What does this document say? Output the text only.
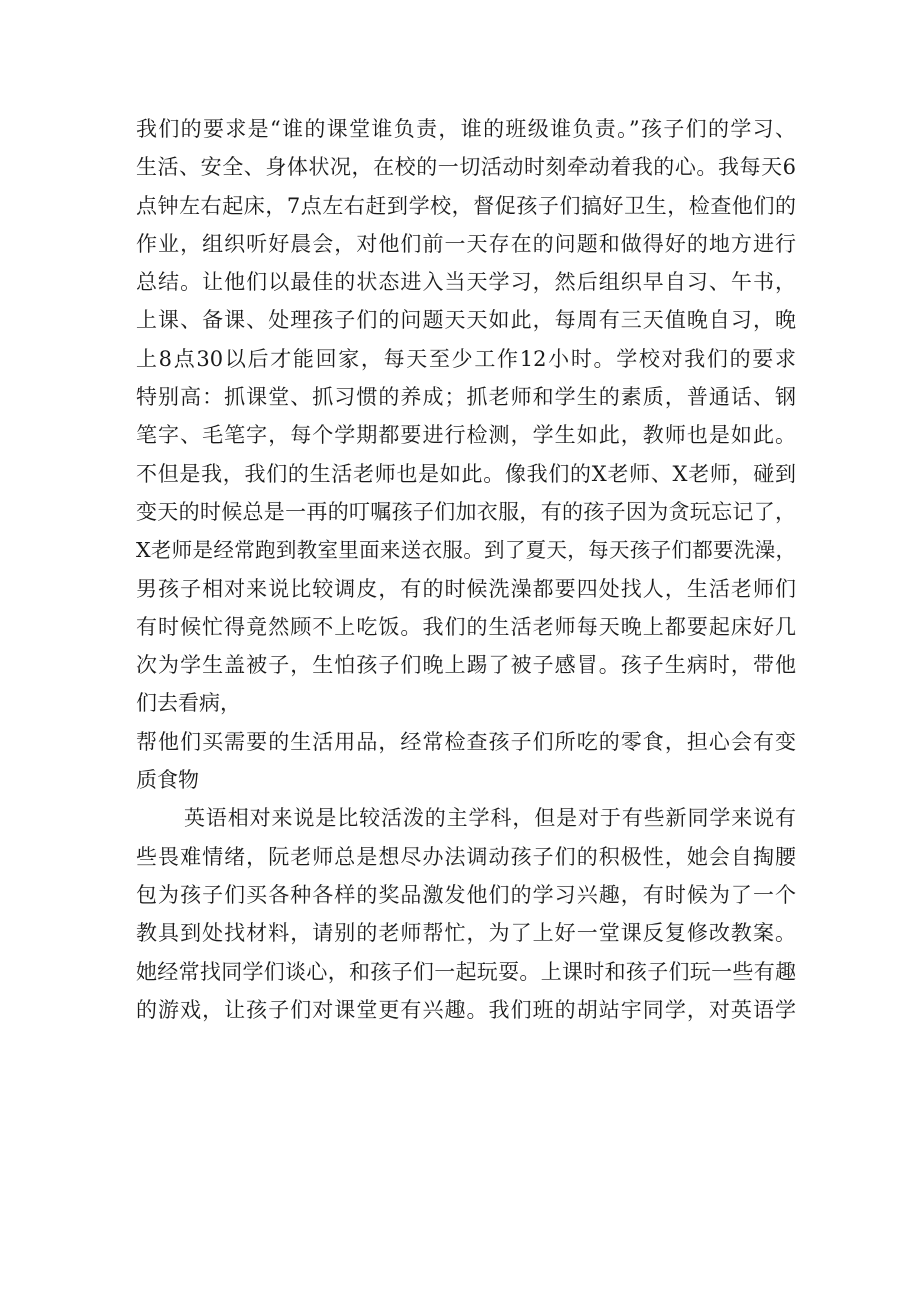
我们的要求是“谁的课堂谁负责，谁的班级谁负责。”孩子们的学习、
生活、安全、身体状况，在校的一切活动时刻牵动着我的心。我每天6
点钟左右起床，7点左右赶到学校，督促孩子们搞好卫生，检查他们的
作业，组织听好晨会，对他们前一天存在的问题和做得好的地方进行
总结。让他们以最佳的状态进入当天学习，然后组织早自习、午书，
上课、备课、处理孩子们的问题天天如此，每周有三天值晚自习，晚
上8点30以后才能回家，每天至少工作12小时。学校对我们的要求
特别高：抓课堂、抓习惯的养成；抓老师和学生的素质，普通话、钢
笔字、毛笔字，每个学期都要进行检测，学生如此，教师也是如此。
不但是我，我们的生活老师也是如此。像我们的X老师、X老师，碰到
变天的时候总是一再的叮嘱孩子们加衣服，有的孩子因为贪玩忘记了，
X老师是经常跑到教室里面来送衣服。到了夏天，每天孩子们都要洗澡，
男孩子相对来说比较调皮，有的时候洗澡都要四处找人，生活老师们
有时候忙得竟然顾不上吃饭。我们的生活老师每天晚上都要起床好几
次为学生盖被子，生怕孩子们晚上踢了被子感冒。孩子生病时，带他
们去看病，
帮他们买需要的生活用品，经常检查孩子们所吃的零食，担心会有变
质食物
英语相对来说是比较活泼的主学科，但是对于有些新同学来说有
些畏难情绪，阮老师总是想尽办法调动孩子们的积极性，她会自掏腰
包为孩子们买各种各样的奖品激发他们的学习兴趣，有时候为了一个
教具到处找材料，请别的老师帮忙，为了上好一堂课反复修改教案。
她经常找同学们谈心，和孩子们一起玩耍。上课时和孩子们玩一些有趣
的游戏，让孩子们对课堂更有兴趣。我们班的胡站宇同学，对英语学
